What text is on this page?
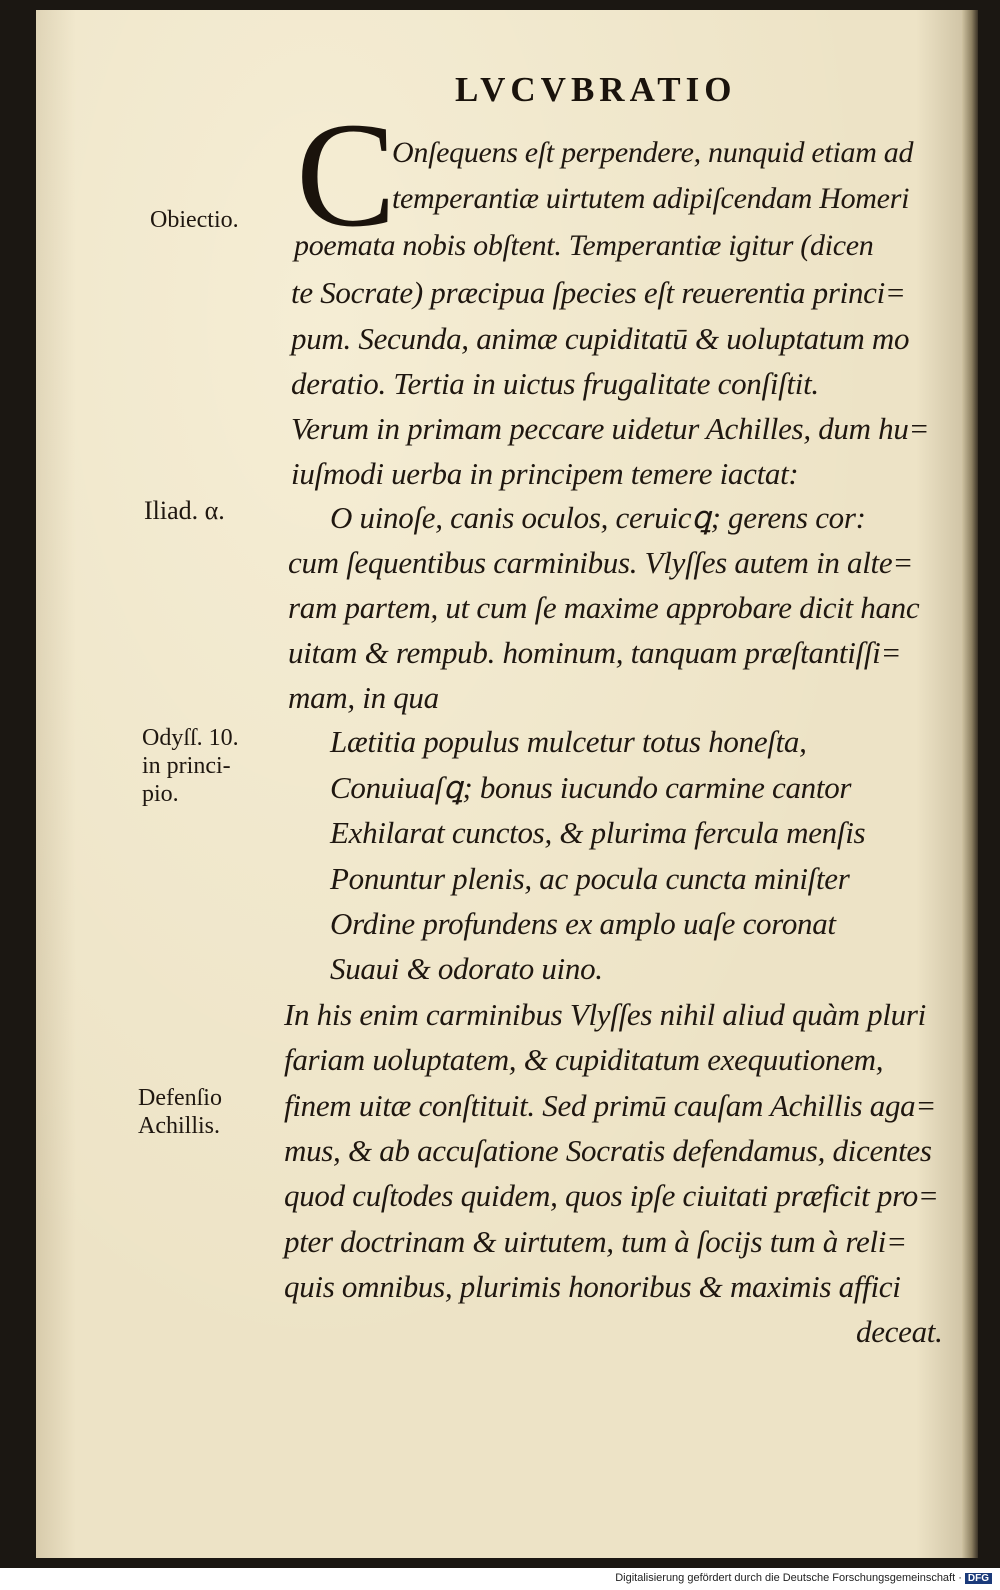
LVCVBRATIO
C
Onſequens eſt perpendere, nunquid etiam ad
temperantiæ uirtutem adipiſcendam Homeri
poemata nobis obſtent. Temperantiæ igitur (dicen
te Socrate) præcipua ſpecies eſt reuerentia princi=
pum. Secunda, animæ cupiditatū & uoluptatum mo
deratio. Tertia in uictus frugalitate conſiſtit.
Verum in primam peccare uidetur Achilles, dum hu=
iuſmodi uerba in principem temere iactat:
O uinoſe, canis oculos, ceruicꝗ; gerens cor:
cum ſequentibus carminibus. Vlyſſes autem in alte=
ram partem, ut cum ſe maxime approbare dicit hanc
uitam & rempub. hominum, tanquam præſtantiſſi=
mam, in qua
Lætitia populus mulcetur totus honeſta,
Conuiuaſꝗ; bonus iucundo carmine cantor
Exhilarat cunctos, & plurima fercula menſis
Ponuntur plenis, ac pocula cuncta miniſter
Ordine profundens ex amplo uaſe coronat
Suaui & odorato uino.
In his enim carminibus Vlyſſes nihil aliud quàm pluri
fariam uoluptatem, & cupiditatum exequutionem,
finem uitæ conſtituit. Sed primū cauſam Achillis aga=
mus, & ab accuſatione Socratis defendamus, dicentes
quod cuſtodes quidem, quos ipſe ciuitati præficit pro=
pter doctrinam & uirtutem, tum à ſocijs tum à reli=
quis omnibus, plurimis honoribus & maximis affici
deceat.
Obiectio.
Iliad. α.
Odyſſ. 10.
in princi-
pio.
Defenſio
Achillis.
Digitalisierung gefördert durch die Deutsche Forschungsgemeinschaft · DFG
